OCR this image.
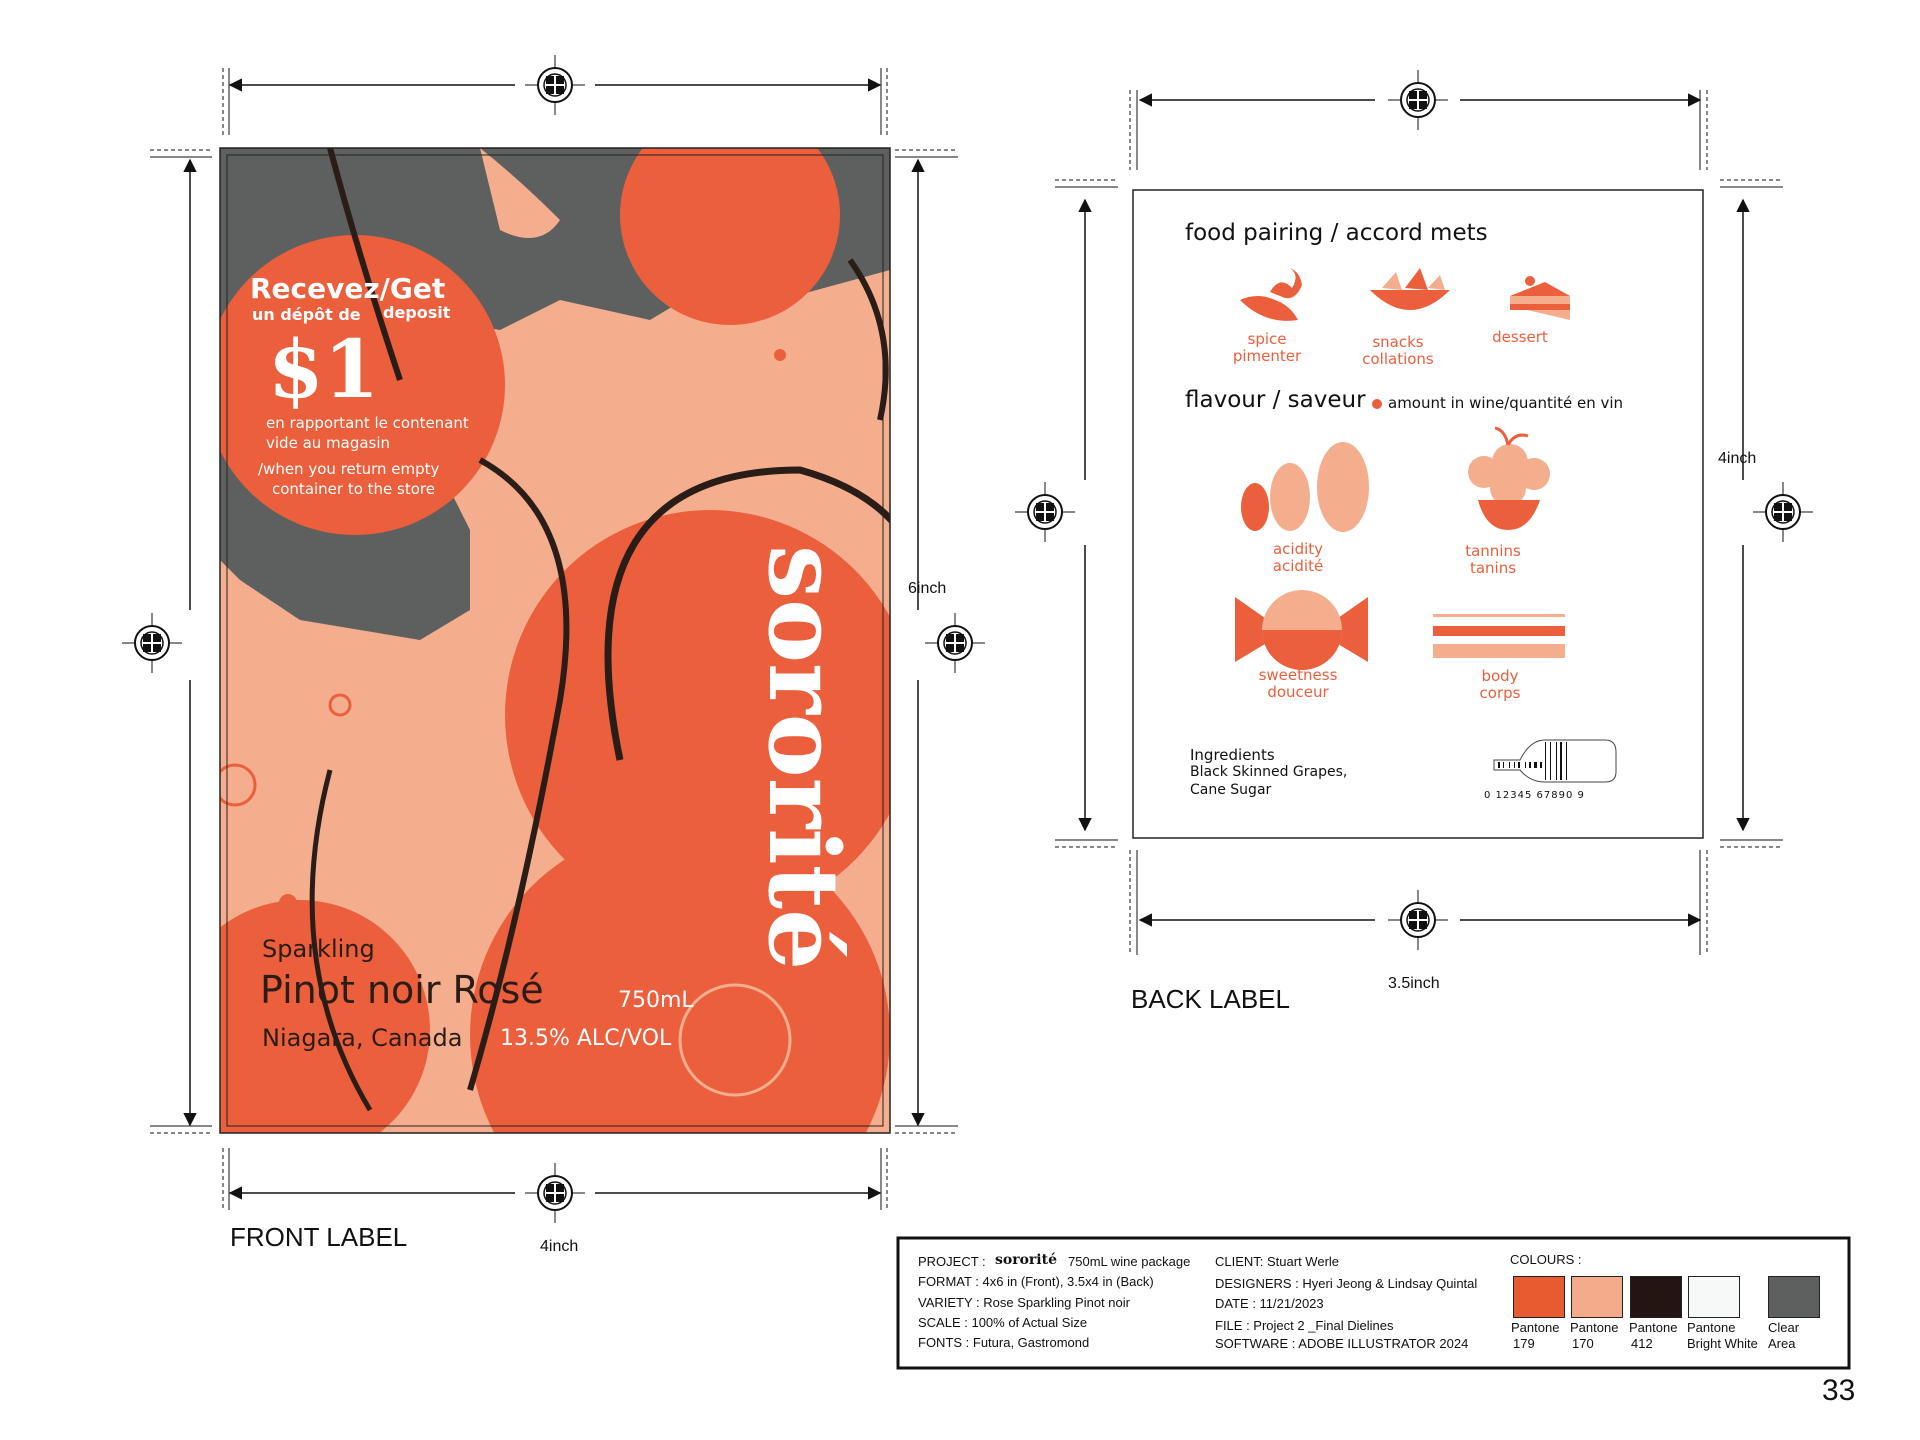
Recevez/Get
un dépôt de deposit
$1
en rapportant le contenant
vide au magasin
/when you return empty
container to the store
sororité
Sparkling
Pinot noir Rosé
Niagara, Canada
750mL
13.5% ALC/VOL
4inch
6inch
FRONT LABEL
food pairing / accord mets
spice
pimenter
snacks
collations
dessert
flavour / saveur amount in wine/quantité en vin
acidity
acidité
tannins
tanins
sweetness
douceur
body
corps
Ingredients
Black Skinned Grapes,
Cane Sugar	0 12345 67890 9
3.5inch
4inch
BACK LABEL
PROJECT : sororité 750mL wine package
FORMAT : 4x6 in (Front), 3.5x4 in (Back)
VARIETY : Rose Sparkling Pinot noir
SCALE : 100% of Actual Size
FONTS : Futura, Gastromond
CLIENT: Stuart Werle
DESIGNERS : Hyeri Jeong & Lindsay Quintal
DATE : 11/21/2023
FILE : Project 2 _Final Dielines
SOFTWARE : ADOBE ILLUSTRATOR 2024
COLOURS :
Pantone
179
Pantone
170
Pantone
412
Pantone
Bright White
Clear
Area
33
